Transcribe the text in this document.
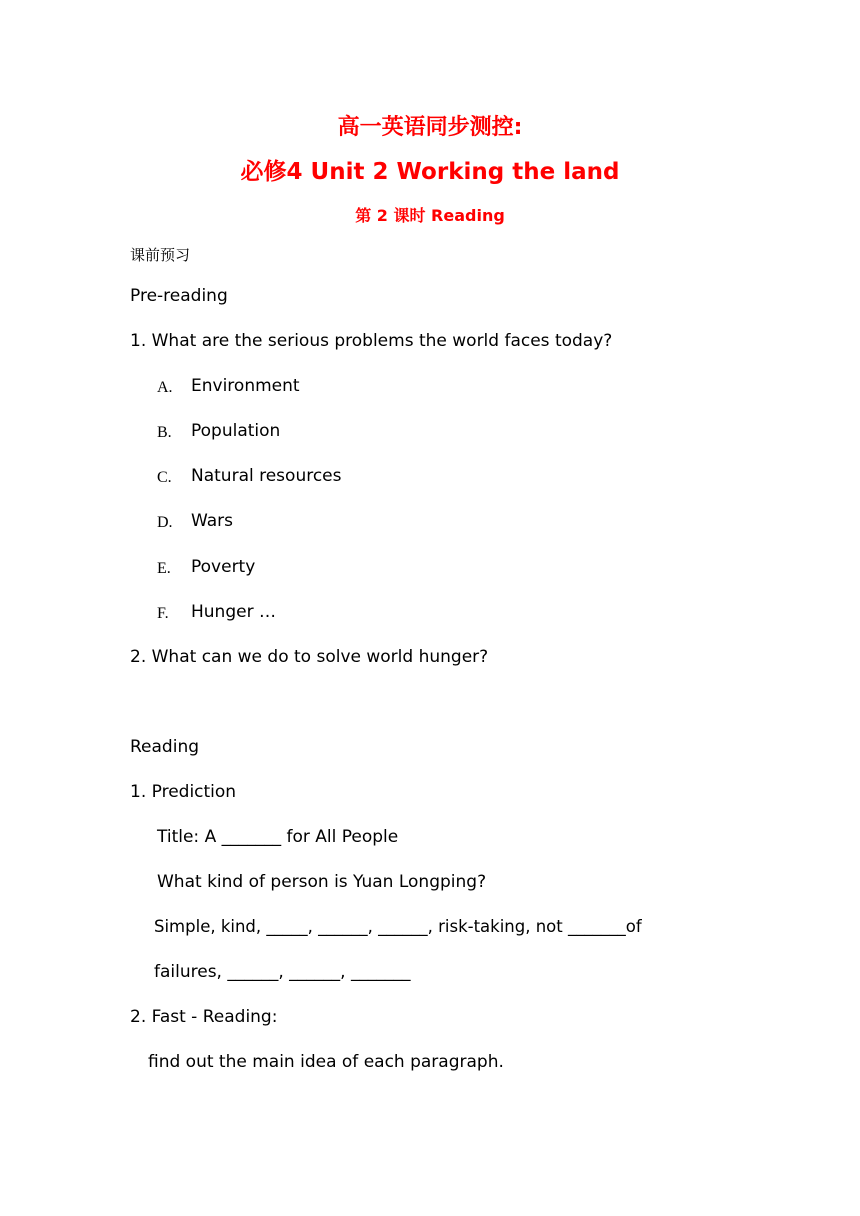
高一英语同步测控:
必修4 Unit 2 Working the land
第 2 课时 Reading
课前预习
Pre-reading
1. What are the serious problems the world faces today?
A. Environment
B. Population
C. Natural resources
D. Wars
E. Poverty
F. Hunger …
2. What can we do to solve world hunger?
Reading
1. Prediction
Title: A _______ for All People
What kind of person is Yuan Longping?
Simple, kind, _____, ______, ______, risk-taking, not _______of
failures, ______, ______, _______
2. Fast - Reading:
find out the main idea of each paragraph.
